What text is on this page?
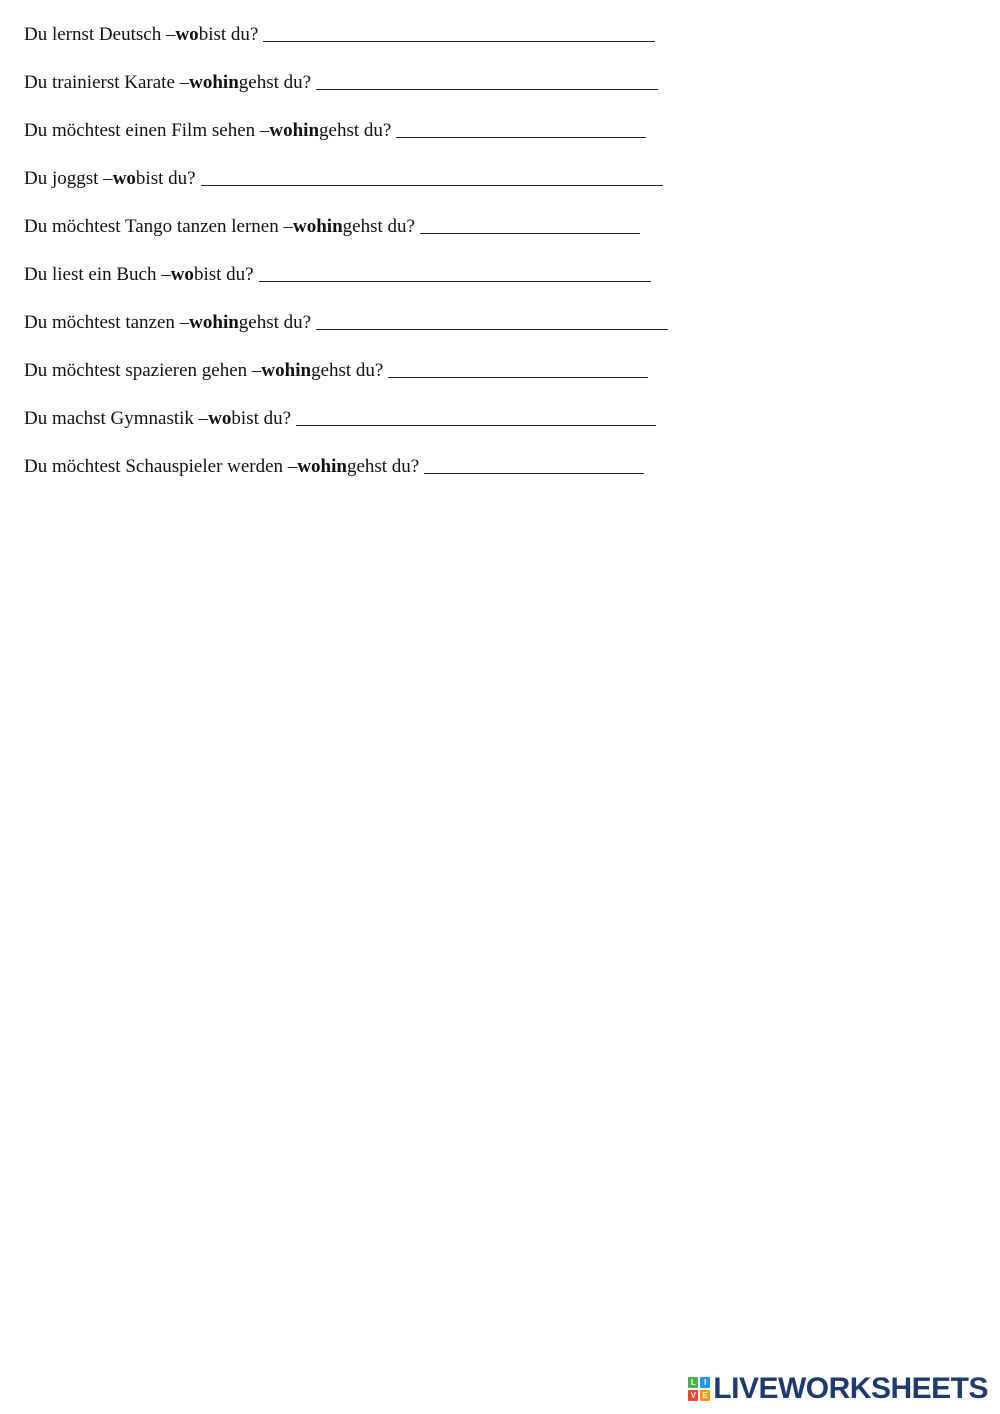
Du lernst Deutsch – wo bist du?
Du trainierst Karate – wohin gehst du?
Du möchtest einen Film sehen – wohin gehst du?
Du joggst – wo bist du?
Du möchtest Tango tanzen lernen – wohin gehst du?
Du liest ein Buch – wo bist du?
Du möchtest tanzen – wohin gehst du?
Du möchtest spazieren gehen – wohin gehst du?
Du machst Gymnastik – wo bist du?
Du möchtest Schauspieler werden – wohin gehst du?
L	I
V E LIVEWORKSHEETS
